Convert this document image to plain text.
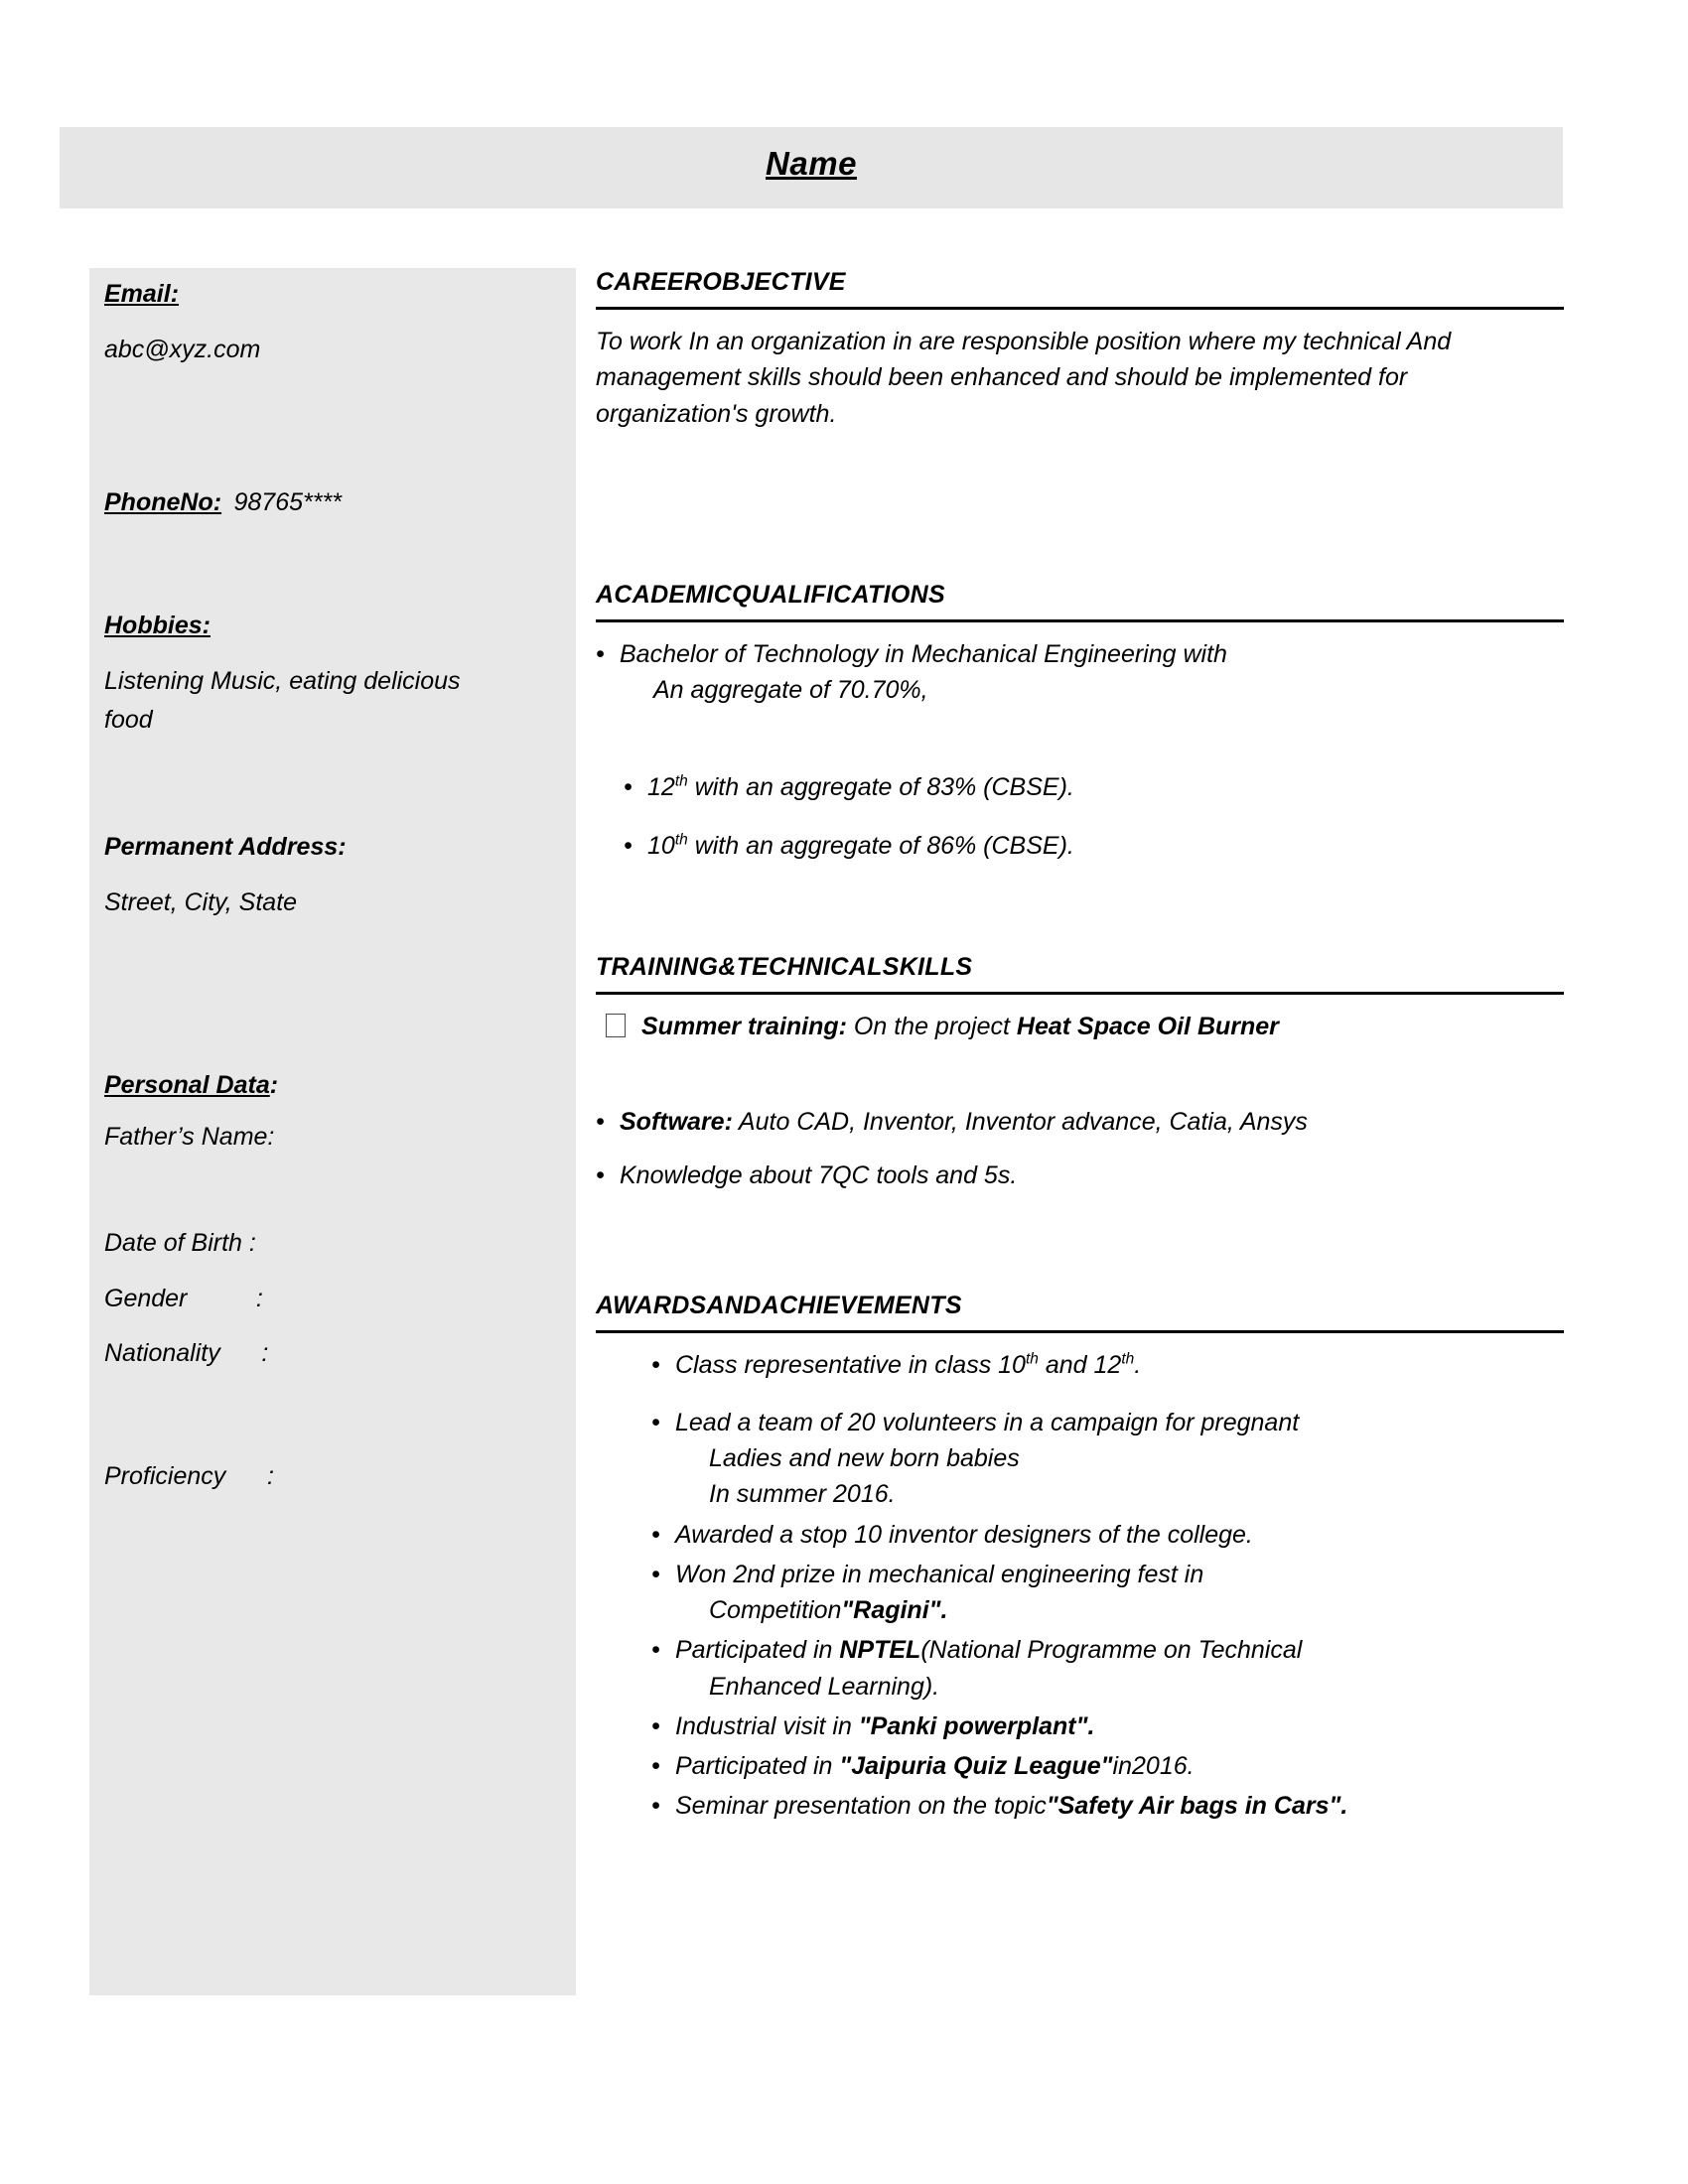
Name
Email:
abc@xyz.com
PhoneNo: 98765****
Hobbies:
Listening Music, eating delicious food
Permanent Address:
Street, City, State
Personal Data:
Father’s Name:
Date of Birth :
Gender          :
Nationality      :
Proficiency      :
CAREEROBJECTIVE
To work In an organization in are responsible position where my technical And management skills should been enhanced and should be implemented for organization's growth.
ACADEMICQUALIFICATIONS
• Bachelor of Technology in Mechanical Engineering with
An aggregate of 70.70%,
• 12th with an aggregate of 83% (CBSE).
• 10th with an aggregate of 86% (CBSE).
TRAINING&TECHNICALSKILLS
Summer training: On the project Heat Space Oil Burner
• Software: Auto CAD, Inventor, Inventor advance, Catia, Ansys
• Knowledge about 7QC tools and 5s.
AWARDSANDACHIEVEMENTS
• Class representative in class 10th and 12th.
• Lead a team of 20 volunteers in a campaign for pregnant
Ladies and new born babies
In summer 2016.
• Awarded a stop 10 inventor designers of the college.
• Won 2nd prize in mechanical engineering fest in
Competition"Ragini".
• Participated in NPTEL(National Programme on Technical
Enhanced Learning).
• Industrial visit in "Panki powerplant".
• Participated in "Jaipuria Quiz League"in2016.
• Seminar presentation on the topic"Safety Air bags in Cars".
